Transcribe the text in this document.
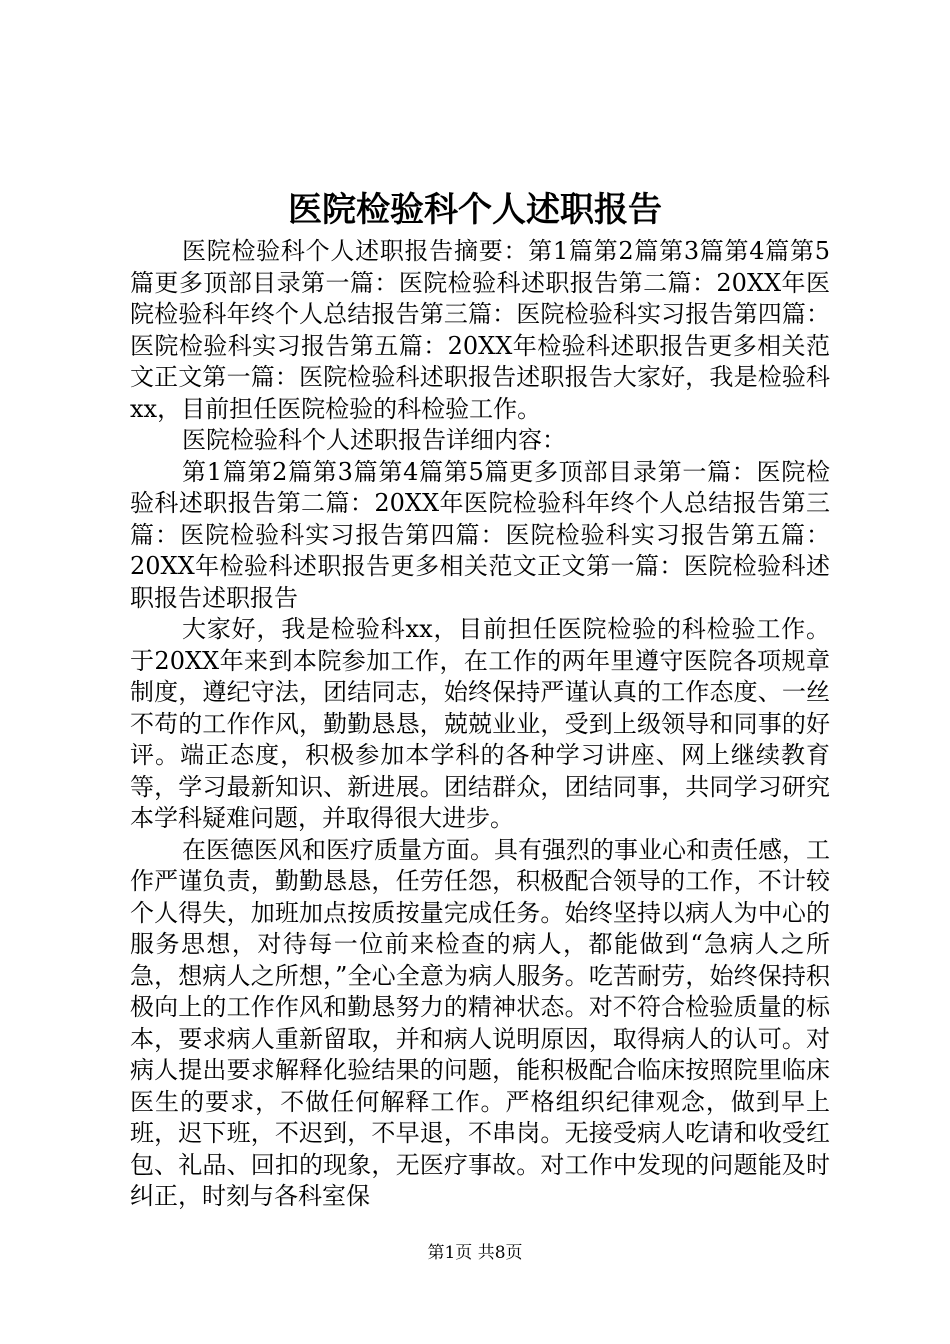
医院检验科个人述职报告

医院检验科个人述职报告摘要：第1篇第2篇第3篇第4篇第5篇更多顶部目录第一篇：医院检验科述职报告第二篇：20XX年医院检验科年终个人总结报告第三篇：医院检验科实习报告第四篇：医院检验科实习报告第五篇：20XX年检验科述职报告更多相关范文正文第一篇：医院检验科述职报告述职报告大家好，我是检验科xx，目前担任医院检验的科检验工作。

医院检验科个人述职报告详细内容：

第1篇第2篇第3篇第4篇第5篇更多顶部目录第一篇：医院检验科述职报告第二篇：20XX年医院检验科年终个人总结报告第三篇：医院检验科实习报告第四篇：医院检验科实习报告第五篇：20XX年检验科述职报告更多相关范文正文第一篇：医院检验科述职报告述职报告

大家好，我是检验科xx，目前担任医院检验的科检验工作。于20XX年来到本院参加工作，在工作的两年里遵守医院各项规章制度，遵纪守法，团结同志，始终保持严谨认真的工作态度、一丝不苟的工作作风，勤勤恳恳，兢兢业业，受到上级领导和同事的好评。端正态度，积极参加本学科的各种学习讲座、网上继续教育等，学习最新知识、新进展。团结群众，团结同事，共同学习研究本学科疑难问题，并取得很大进步。

在医德医风和医疗质量方面。具有强烈的事业心和责任感，工作严谨负责，勤勤恳恳，任劳任怨，积极配合领导的工作，不计较个人得失，加班加点按质按量完成任务。始终坚持以病人为中心的服务思想，对待每一位前来检查的病人，都能做到“急病人之所急，想病人之所想，”全心全意为病人服务。吃苦耐劳，始终保持积极向上的工作作风和勤恳努力的精神状态。对不符合检验质量的标本，要求病人重新留取，并和病人说明原因，取得病人的认可。对病人提出要求解释化验结果的问题，能积极配合临床按照院里临床医生的要求，不做任何解释工作。严格组织纪律观念，做到早上班，迟下班，不迟到，不早退，不串岗。无接受病人吃请和收受红包、礼品、回扣的现象，无医疗事故。对工作中发现的问题能及时纠正，时刻与各科室保

第1页 共8页
